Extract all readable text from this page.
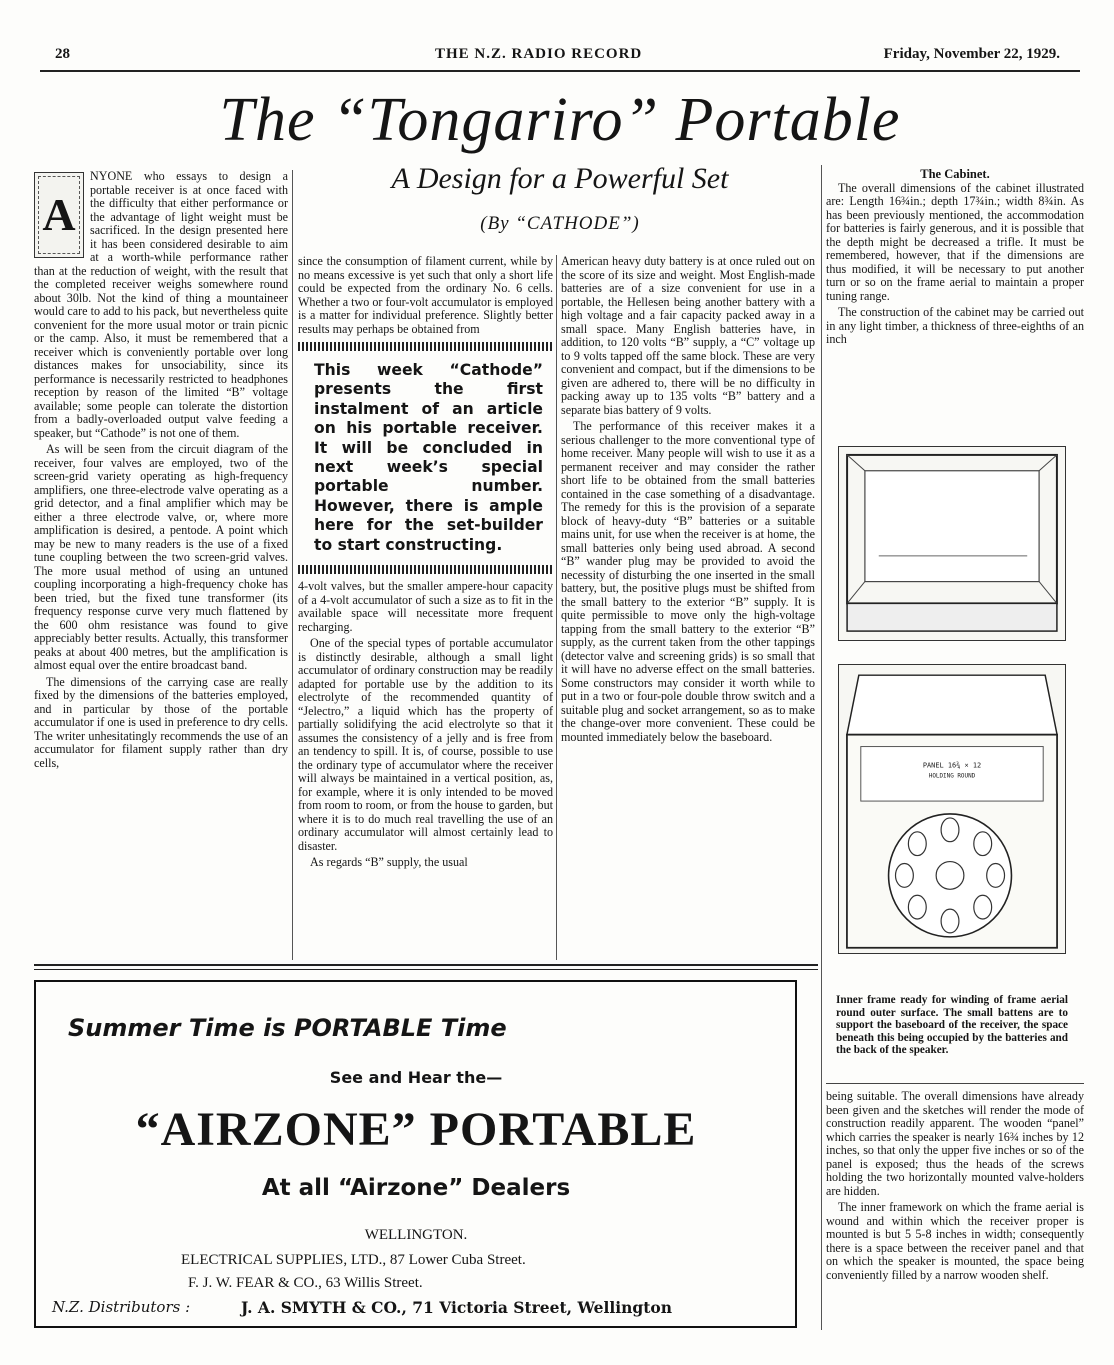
28	THE N.Z. RADIO RECORD	Friday, November 22, 1929.
The “Tongariro” Portable
A Design for a Powerful Set
(By “CATHODE”)
A

NYONE who essays to design a portable receiver is at once faced with the difficulty that either performance or the advantage of light weight must be sacrificed. In the design presented here it has been considered desirable to aim at a worth-while performance rather than at the reduction of weight, with the result that the completed receiver weighs somewhere round about 30lb. Not the kind of thing a mountaineer would care to add to his pack, but nevertheless quite convenient for the more usual motor or train picnic or the camp. Also, it must be remembered that a receiver which is conveniently portable over long distances makes for unsociability, since its performance is necessarily restricted to headphones reception by reason of the limited “B” voltage available; some people can tolerate the distortion from a badly-overloaded output valve feeding a speaker, but “Cathode” is not one of them.

As will be seen from the circuit diagram of the receiver, four valves are employed, two of the screen-grid variety operating as high-frequency amplifiers, one three-electrode valve operating as a grid detector, and a final amplifier which may be either a three electrode valve, or, where more amplification is desired, a pentode. A point which may be new to many readers is the use of a fixed tune coupling between the two screen-grid valves. The more usual method of using an untuned coupling incorporating a high-frequency choke has been tried, but the fixed tune transformer (its frequency response curve very much flattened by the 600 ohm resistance was found to give appreciably better results. Actually, this transformer peaks at about 400 metres, but the amplification is almost equal over the entire broadcast band.

The dimensions of the carrying case are really fixed by the dimensions of the batteries employed, and in particular by those of the portable accumulator if one is used in preference to dry cells. The writer unhesitatingly recommends the use of an accumulator for filament supply rather than dry cells,

since the consumption of filament current, while by no means excessive is yet such that only a short life could be expected from the ordinary No. 6 cells. Whether a two or four-volt accumulator is employed is a matter for individual preference. Slightly better results may perhaps be obtained from

This week “Cathode” presents the first instalment of an article on his portable receiver. It will be concluded in next week’s special portable number. However, there is ample here for the set-builder to start constructing.

4-volt valves, but the smaller ampere-hour capacity of a 4-volt accumulator of such a size as to fit in the available space will necessitate more frequent recharging.

One of the special types of portable accumulator is distinctly desirable, although a small light accumulator of ordinary construction may be readily adapted for portable use by the addition to its electrolyte of the recommended quantity of “Jelectro,” a liquid which has the property of partially solidifying the acid electrolyte so that it assumes the consistency of a jelly and is free from an tendency to spill. It is, of course, possible to use the ordinary type of accumulator where the receiver will always be maintained in a vertical position, as, for example, where it is only intended to be moved from room to room, or from the house to garden, but where it is to do much real travelling the use of an ordinary accumulator will almost certainly lead to disaster.

As regards “B” supply, the usual

American heavy duty battery is at once ruled out on the score of its size and weight. Most English-made batteries are of a size convenient for use in a portable, the Hellesen being another battery with a high voltage and a fair capacity packed away in a small space. Many English batteries have, in addition, to 120 volts “B” supply, a “C” voltage up to 9 volts tapped off the same block. These are very convenient and compact, but if the dimensions to be given are adhered to, there will be no difficulty in packing away up to 135 volts “B” battery and a separate bias battery of 9 volts.

The performance of this receiver makes it a serious challenger to the more conventional type of home receiver. Many people will wish to use it as a permanent receiver and may consider the rather short life to be obtained from the small batteries contained in the case something of a disadvantage. The remedy for this is the provision of a separate block of heavy-duty “B” batteries or a suitable mains unit, for use when the receiver is at home, the small batteries only being used abroad. A second “B” wander plug may be provided to avoid the necessity of disturbing the one inserted in the small battery, but, the positive plugs must be shifted from the small battery to the exterior “B” supply. It is quite permissible to move only the high-voltage tapping from the small battery to the exterior “B” supply, as the current taken from the other tappings (detector valve and screening grids) is so small that it will have no adverse effect on the small batteries. Some constructors may consider it worth while to put in a two or four-pole double throw switch and a suitable plug and socket arrangement, so as to make the change-over more convenient. These could be mounted immediately below the baseboard.

The Cabinet.

The overall dimensions of the cabinet illustrated are: Length 16¾in.; depth 17¾in.; width 8¾in. As has been previously mentioned, the accommodation for batteries is fairly generous, and it is possible that the depth might be decreased a trifle. It must be remembered, however, that if the dimensions are thus modified, it will be necessary to put another turn or so on the frame aerial to maintain a proper tuning range.

The construction of the cabinet may be carried out in any light timber, a thickness of three-eighths of an inch

PANEL 16¾ × 12
HOLDING ROUND
Inner frame ready for winding of frame aerial round outer surface. The small battens are to support the baseboard of the receiver, the space beneath this being occupied by the batteries and the back of the speaker.

being suitable. The overall dimensions have already been given and the sketches will render the mode of construction readily apparent. The wooden “panel” which carries the speaker is nearly 16¾ inches by 12 inches, so that only the upper five inches or so of the panel is exposed; thus the heads of the screws holding the two horizontally mounted valve-holders are hidden.

The inner framework on which the frame aerial is wound and within which the receiver proper is mounted is but 5 5-8 inches in width; consequently there is a space between the receiver panel and that on which the speaker is mounted, the space being conveniently filled by a narrow wooden shelf.

Summer Time is PORTABLE Time
See and Hear the—
“AIRZONE” PORTABLE
At all “Airzone” Dealers
WELLINGTON.
ELECTRICAL SUPPLIES, LTD., 87 Lower Cuba Street.
F. J. W. FEAR & CO., 63 Willis Street.
N.Z. Distributors :	J. A. SMYTH & CO., 71 Victoria Street, Wellington
